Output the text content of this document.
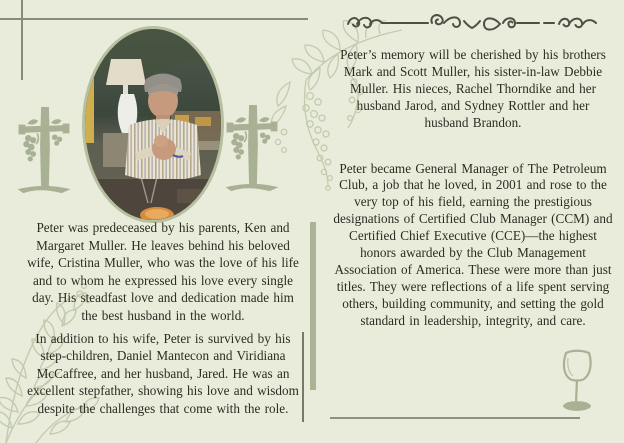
Peter was predeceased by his parents, Ken and Margaret Muller. He leaves behind his beloved wife, Cristina Muller, who was the love of his life and to whom he expressed his love every single day. His steadfast love and dedication made him the best husband in the world.

In addition to his wife, Peter is survived by his step-children, Daniel Mantecon and Viridiana McCaffree, and her husband, Jared. He was an excellent stepfather, showing his love and wisdom despite the challenges that come with the role.

Peter’s memory will be cherished by his brothers Mark and Scott Muller, his sister-in-law Debbie Muller. His nieces, Rachel Thorndike and her husband Jarod, and Sydney Rottler and her husband Brandon.

Peter became General Manager of The Petroleum Club, a job that he loved, in 2001 and rose to the very top of his field, earning the prestigious designations of Certified Club Manager (CCM) and Certified Chief Executive (CCE)—the highest honors awarded by the Club Management Association of America. These were more than just titles. They were reflections of a life spent serving others, building community, and setting the gold standard in leadership, integrity, and care.
